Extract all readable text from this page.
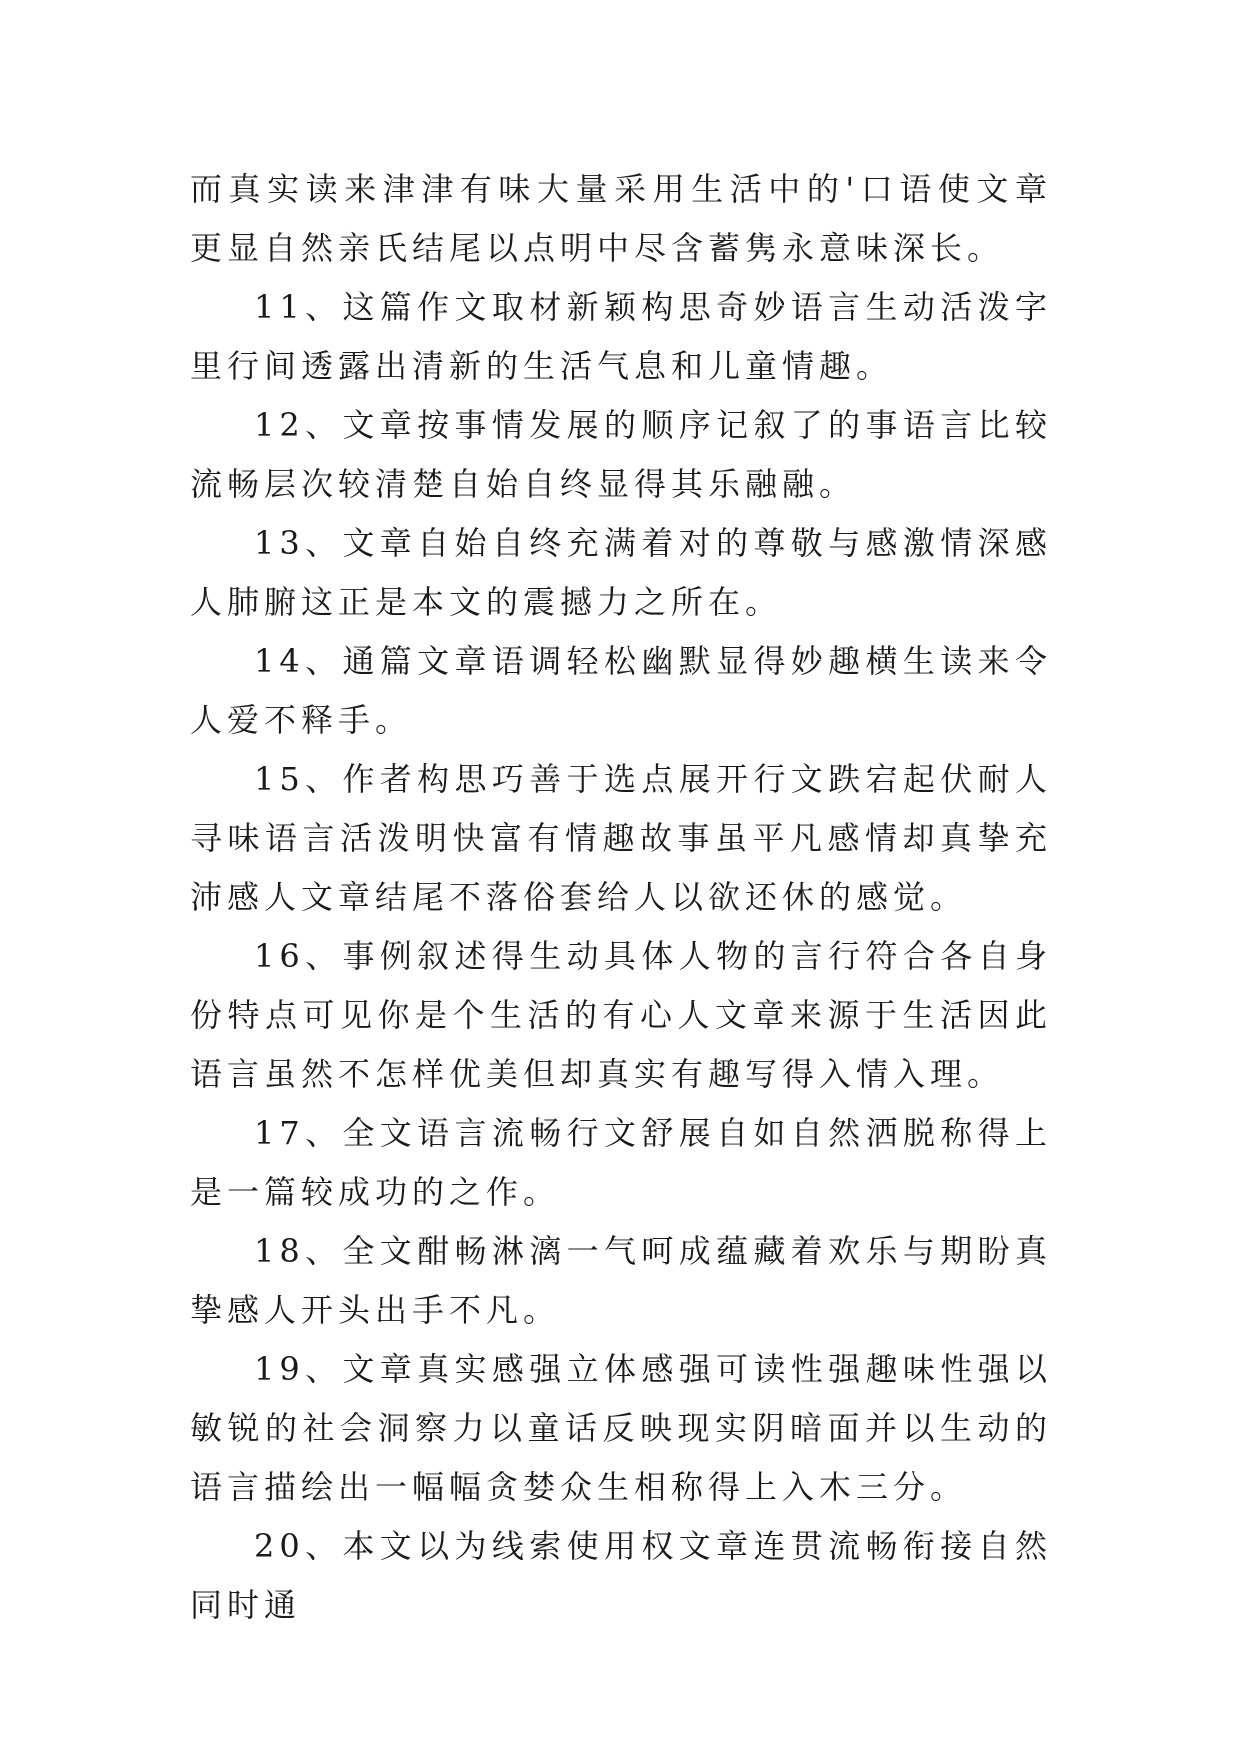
而真实读来津津有味大量采用生活中的'口语使文章更显自然亲氏结尾以点明中尽含蓄隽永意味深长。

11、这篇作文取材新颖构思奇妙语言生动活泼字里行间透露出清新的生活气息和儿童情趣。

12、文章按事情发展的顺序记叙了的事语言比较流畅层次较清楚自始自终显得其乐融融。

13、文章自始自终充满着对的尊敬与感激情深感人肺腑这正是本文的震撼力之所在。

14、通篇文章语调轻松幽默显得妙趣横生读来令人爱不释手。

15、作者构思巧善于选点展开行文跌宕起伏耐人寻味语言活泼明快富有情趣故事虽平凡感情却真挚充沛感人文章结尾不落俗套给人以欲还休的感觉。

16、事例叙述得生动具体人物的言行符合各自身份特点可见你是个生活的有心人文章来源于生活因此语言虽然不怎样优美但却真实有趣写得入情入理。

17、全文语言流畅行文舒展自如自然洒脱称得上是一篇较成功的之作。

18、全文酣畅淋漓一气呵成蕴藏着欢乐与期盼真挚感人开头出手不凡。

19、文章真实感强立体感强可读性强趣味性强以敏锐的社会洞察力以童话反映现实阴暗面并以生动的语言描绘出一幅幅贪婪众生相称得上入木三分。

20、本文以为线索使用权文章连贯流畅衔接自然同时通
